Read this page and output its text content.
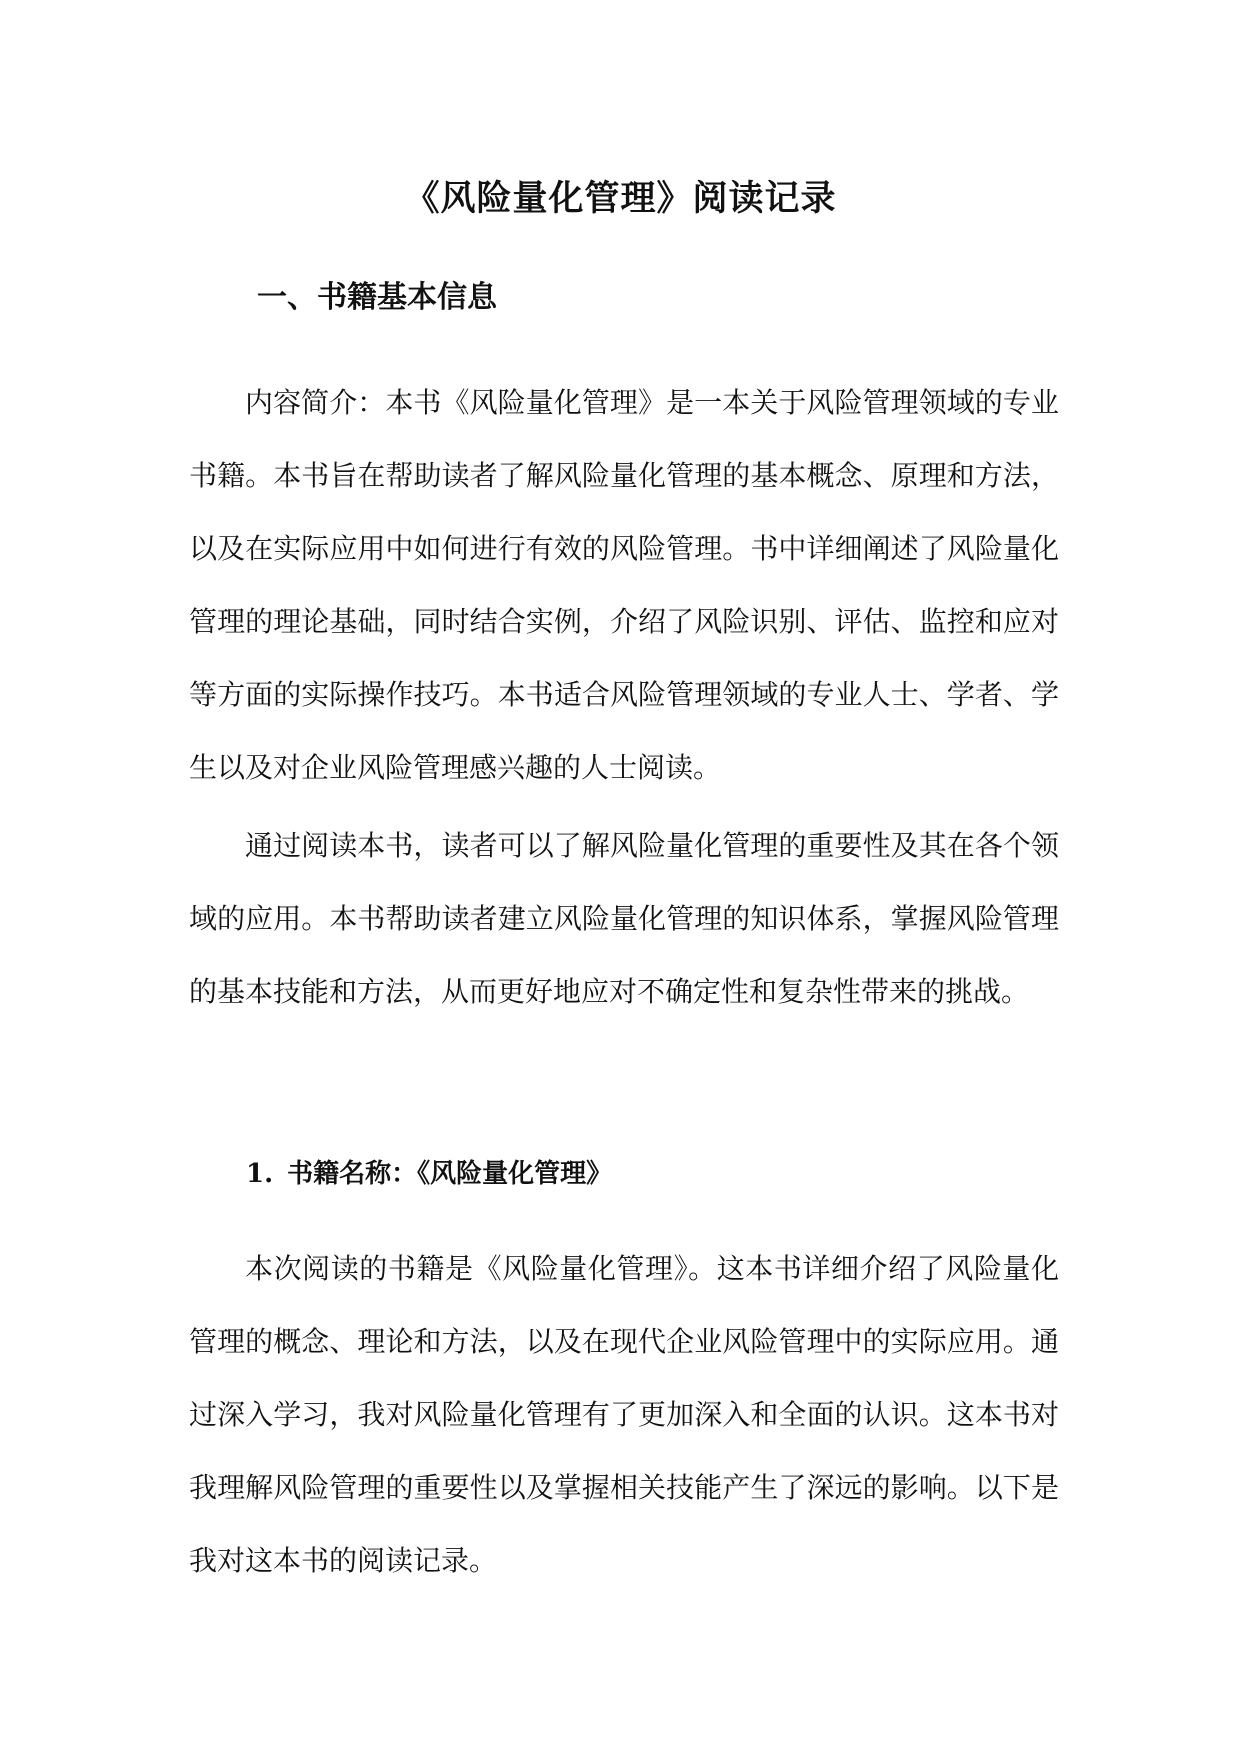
《风险量化管理》阅读记录
一、书籍基本信息

内容简介：本书《风险量化管理》是一本关于风险管理领域的专业书籍。本书旨在帮助读者了解风险量化管理的基本概念、原理和方法，以及在实际应用中如何进行有效的风险管理。书中详细阐述了风险量化管理的理论基础，同时结合实例，介绍了风险识别、评估、监控和应对等方面的实际操作技巧。本书适合风险管理领域的专业人士、学者、学生以及对企业风险管理感兴趣的人士阅读。

通过阅读本书，读者可以了解风险量化管理的重要性及其在各个领域的应用。本书帮助读者建立风险量化管理的知识体系，掌握风险管理的基本技能和方法，从而更好地应对不确定性和复杂性带来的挑战。

1. 书籍名称：《风险量化管理》

本次阅读的书籍是《风险量化管理》。这本书详细介绍了风险量化管理的概念、理论和方法，以及在现代企业风险管理中的实际应用。通过深入学习，我对风险量化管理有了更加深入和全面的认识。这本书对我理解风险管理的重要性以及掌握相关技能产生了深远的影响。以下是我对这本书的阅读记录。
